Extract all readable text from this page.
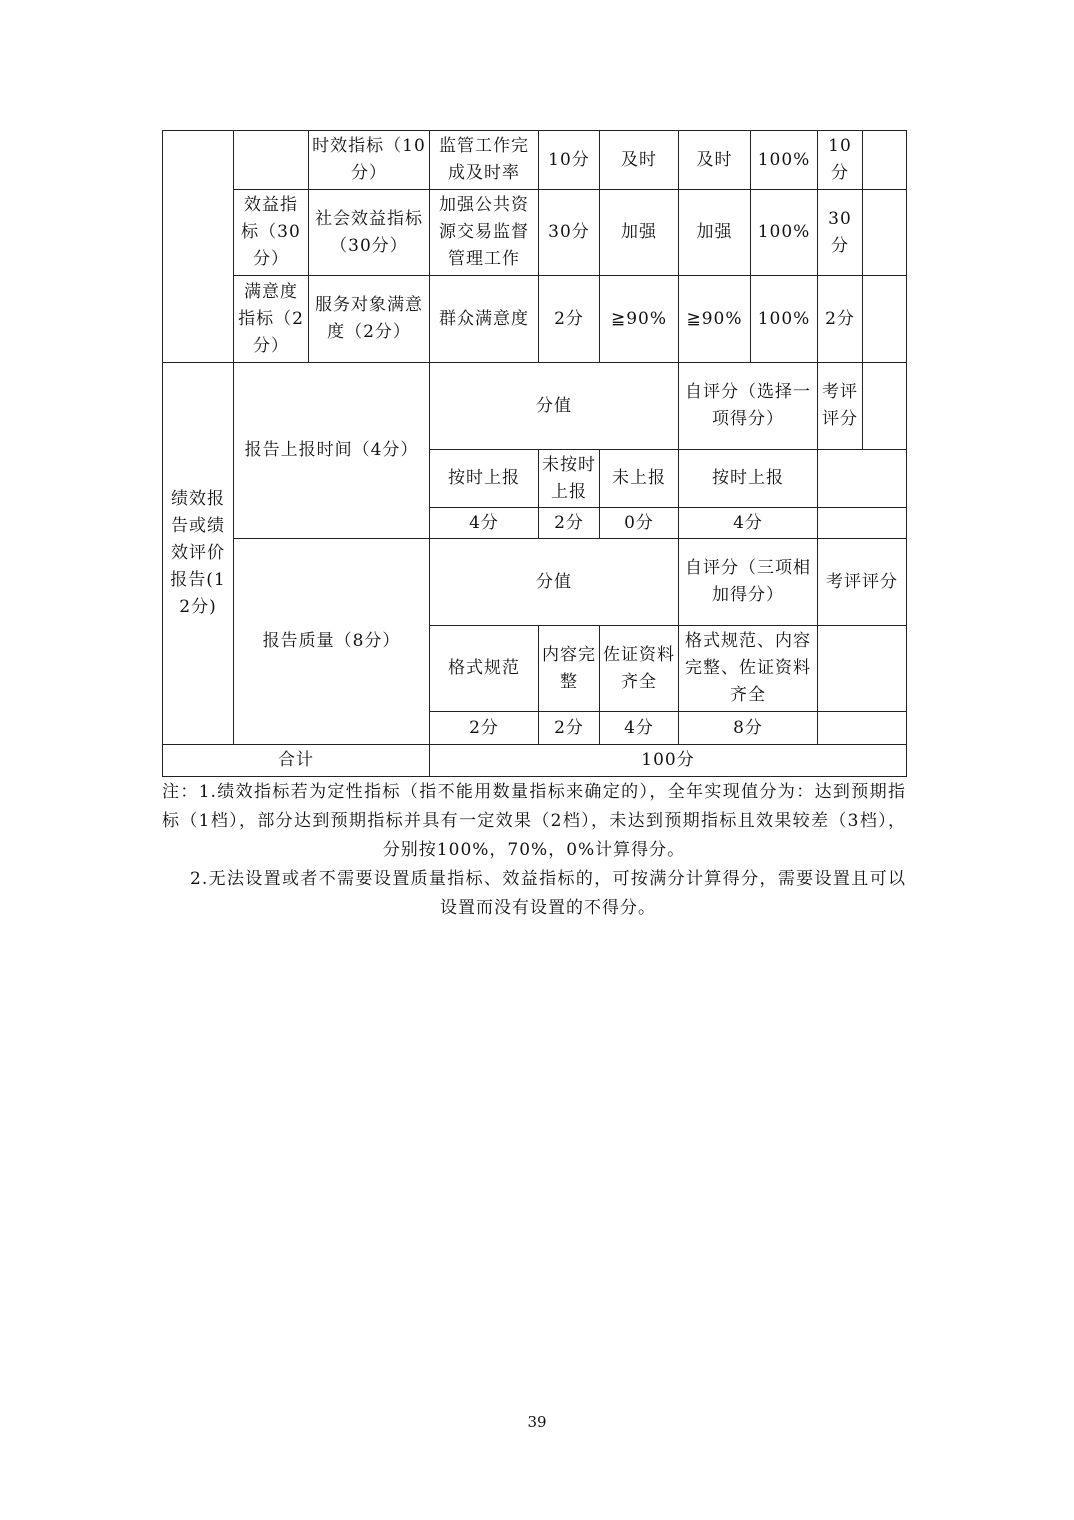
		时效指标（10分）	监管工作完成及时率	10分	及时	及时	100%	10分	
	效益指标（30分）	社会效益指标（30分）	加强公共资源交易监督管理工作	30分	加强	加强	100%	30分	
	满意度指标（2分）	服务对象满意度（2分）	群众满意度	2分	≧90%	≧90%	100%	2分	
绩效报告或绩效评价报告(12分)	报告上报时间（4分）		分值			自评分（选择一项得分）		考评评分	
			按时上报	未按时上报	未上报	按时上报			
			4分	2分	0分	4分			
	报告质量（8分）		分值			自评分（三项相加得分）		考评评分	
			格式规范	内容完整	佐证资料齐全	格式规范、内容完整、佐证资料齐全			
			2分	2分	4分	8分			
合计			100分						

注：1.绩效指标若为定性指标（指不能用数量指标来确定的），全年实现值分为：达到预期指标（1档），部分达到预期指标并具有一定效果（2档），未达到预期指标且效果较差（3档），分别按100%，70%，0%计算得分。

2.无法设置或者不需要设置质量指标、效益指标的，可按满分计算得分，需要设置且可以设置而没有设置的不得分。

39
